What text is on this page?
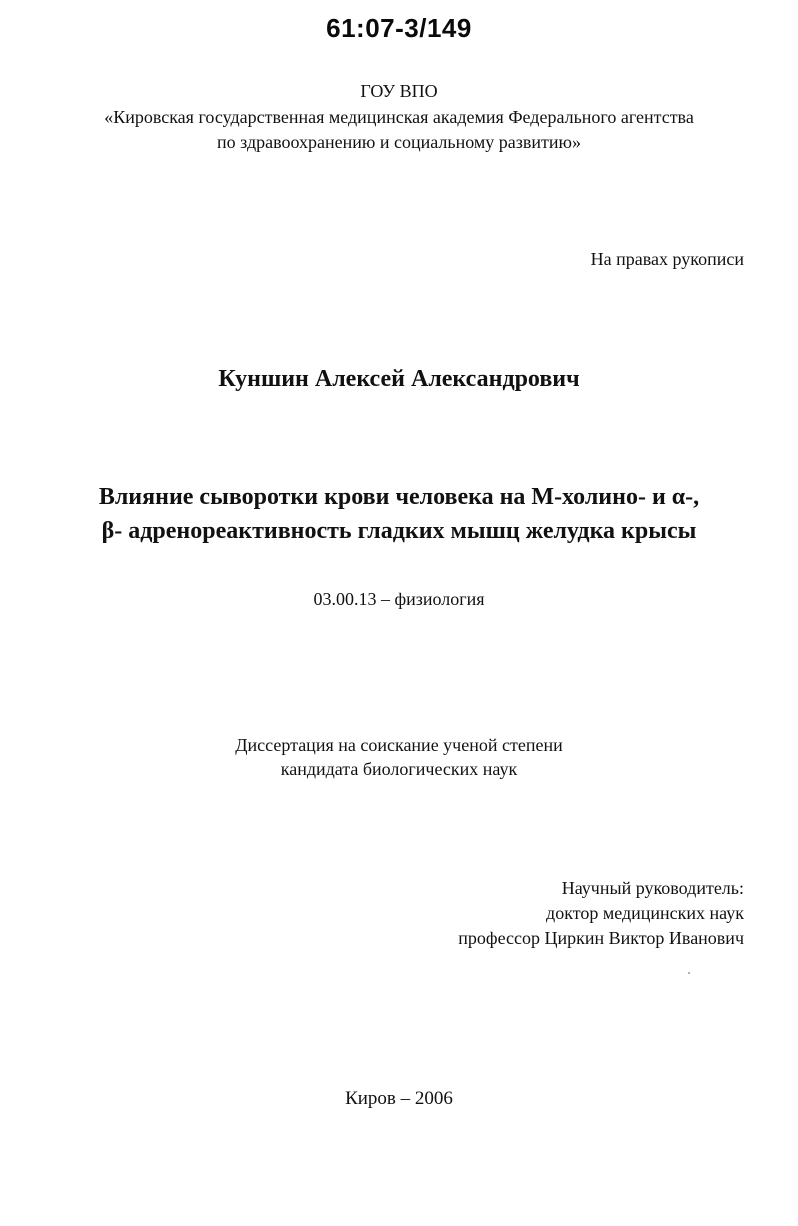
61:07-3/149
ГОУ ВПО
«Кировская государственная медицинская академия Федерального агентства
по здравоохранению и социальному развитию»
На правах рукописи
Куншин Алексей Александрович
Влияние сыворотки крови человека на М-холино- и α-,
β- адренореактивность гладких мышц желудка крысы
03.00.13 – физиология
Диссертация на соискание ученой степени
кандидата биологических наук
Научный руководитель:
доктор медицинских наук
профессор Циркин Виктор Иванович
Киров – 2006
